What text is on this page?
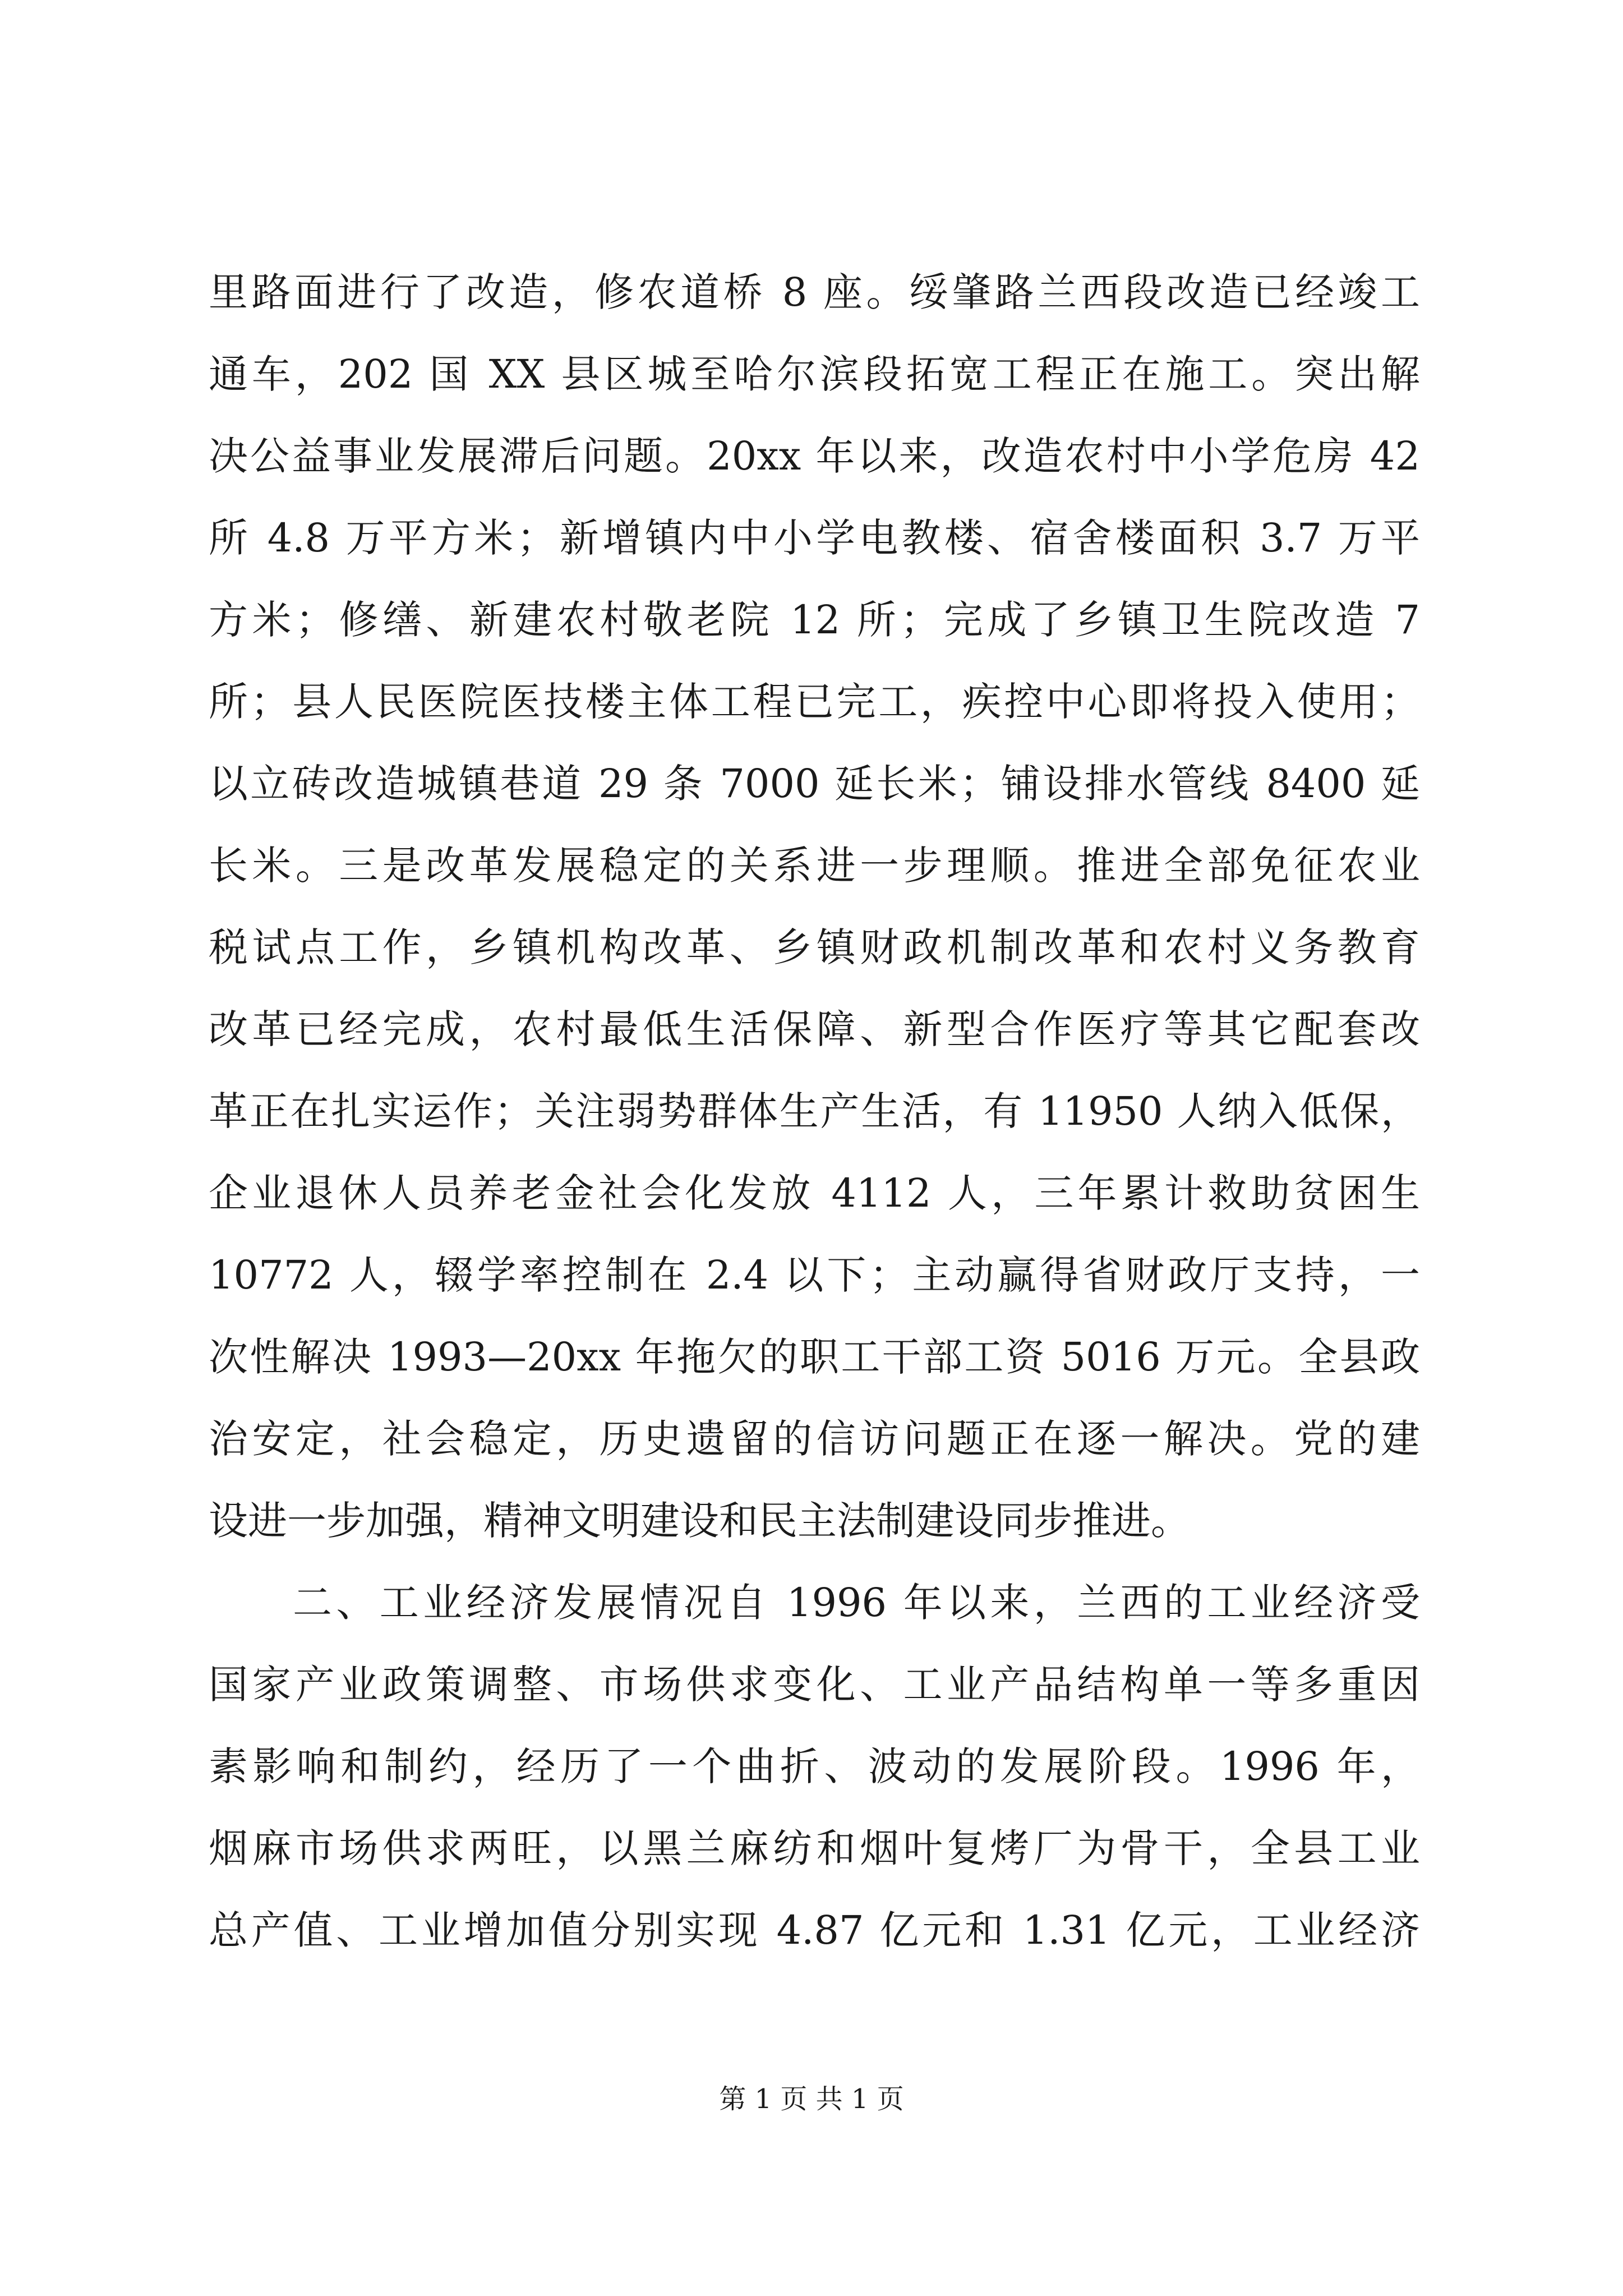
里路面进行了改造，修农道桥 8 座。绥肇路兰西段改造已经竣工
通车，202 国 XX 县区城至哈尔滨段拓宽工程正在施工。突出解
决公益事业发展滞后问题。20xx 年以来，改造农村中小学危房 42
所 4.8 万平方米；新增镇内中小学电教楼、宿舍楼面积 3.7 万平
方米；修缮、新建农村敬老院 12 所；完成了乡镇卫生院改造 7
所；县人民医院医技楼主体工程已完工，疾控中心即将投入使用；
以立砖改造城镇巷道 29 条 7000 延长米；铺设排水管线 8400 延
长米。三是改革发展稳定的关系进一步理顺。推进全部免征农业
税试点工作，乡镇机构改革、乡镇财政机制改革和农村义务教育
改革已经完成，农村最低生活保障、新型合作医疗等其它配套改
革正在扎实运作；关注弱势群体生产生活，有 11950 人纳入低保，
企业退休人员养老金社会化发放 4112 人，三年累计救助贫困生
10772 人，辍学率控制在 2.4 以下；主动赢得省财政厅支持，一
次性解决 1993—20xx 年拖欠的职工干部工资 5016 万元。全县政
治安定，社会稳定，历史遗留的信访问题正在逐一解决。党的建
设进一步加强，精神文明建设和民主法制建设同步推进。
二、工业经济发展情况自 1996 年以来，兰西的工业经济受
国家产业政策调整、市场供求变化、工业产品结构单一等多重因
素影响和制约，经历了一个曲折、波动的发展阶段。1996 年，
烟麻市场供求两旺，以黑兰麻纺和烟叶复烤厂为骨干，全县工业
总产值、工业增加值分别实现 4.87 亿元和 1.31 亿元，工业经济
第 1 页 共 1 页
